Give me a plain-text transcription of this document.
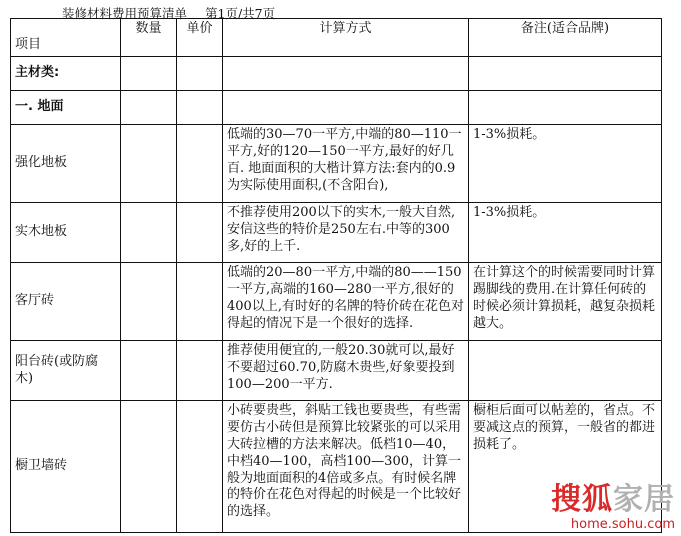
装修材料费用预算清单 第1页/共7页
项目	数量	单价	计算方式	备注(适合品牌)
主材类:				
一. 地面				
强化地板			低端的30—70一平方,中端的80—110一平方,好的120—150一平方,最好的好几百. 地面面积的大楷计算方法:套内的0.9为实际使用面积,(不含阳台),	1-3%损耗。
实木地板			不推荐使用200以下的实木,一般大自然,安信这些的特价是250左右.中等的300多,好的上千.	1-3%损耗。
客厅砖			低端的20—80一平方,中端的80——150一平方,高端的160—280一平方,很好的400以上,有时好的名牌的特价砖在花色对得起的情况下是一个很好的选择.	在计算这个的时候需要同时计算踢脚线的费用.在计算任何砖的时候必须计算损耗，越复杂损耗越大。
阳台砖(或防腐木)			推荐使用便宜的,一般20.30就可以,最好不要超过60.70,防腐木贵些,好象要投到100—200一平方.	
橱卫墙砖			小砖要贵些，斜贴工钱也要贵些，有些需要仿古小砖但是预算比较紧张的可以采用大砖拉槽的方法来解决。低档10—40，中档40—100，高档100—300，计算一般为地面面积的4倍或多点。有时候名牌的特价在花色对得起的时候是一个比较好的选择。	橱柜后面可以帖差的，省点。不要减这点的预算，一般省的都进损耗了。
搜狐家居
home.sohu.com
